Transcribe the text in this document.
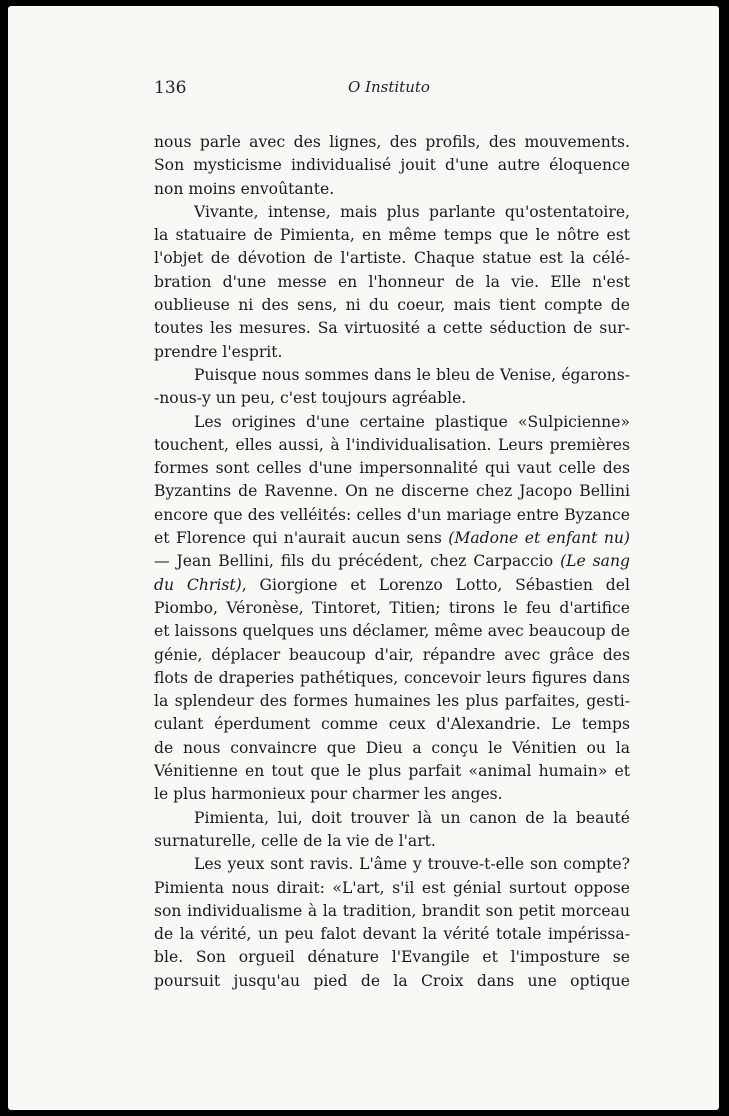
136	O Instituto
nous parle avec des lignes, des profils, des mouvements.
Son mysticisme individualisé jouit d'une autre éloquence
non moins envoûtante.
Vivante, intense, mais plus parlante qu'ostentatoire,
la statuaire de Pimienta, en même temps que le nôtre est
l'objet de dévotion de l'artiste. Chaque statue est la célé-
bration d'une messe en l'honneur de la vie. Elle n'est
oublieuse ni des sens, ni du coeur, mais tient compte de
toutes les mesures. Sa virtuosité a cette séduction de sur-
prendre l'esprit.
Puisque nous sommes dans le bleu de Venise, égarons-
-nous-y un peu, c'est toujours agréable.
Les origines d'une certaine plastique «Sulpicienne»
touchent, elles aussi, à l'individualisation. Leurs premières
formes sont celles d'une impersonnalité qui vaut celle des
Byzantins de Ravenne. On ne discerne chez Jacopo Bellini
encore que des velléités: celles d'un mariage entre Byzance
et Florence qui n'aurait aucun sens (Madone et enfant nu)
— Jean Bellini, fils du précédent, chez Carpaccio (Le sang
du Christ), Giorgione et Lorenzo Lotto, Sébastien del
Piombo, Véronèse, Tintoret, Titien; tirons le feu d'artifice
et laissons quelques uns déclamer, même avec beaucoup de
génie, déplacer beaucoup d'air, répandre avec grâce des
flots de draperies pathétiques, concevoir leurs figures dans
la splendeur des formes humaines les plus parfaites, gesti-
culant éperdument comme ceux d'Alexandrie. Le temps
de nous convaincre que Dieu a conçu le Vénitien ou la
Vénitienne en tout que le plus parfait «animal humain» et
le plus harmonieux pour charmer les anges.
Pimienta, lui, doit trouver là un canon de la beauté
surnaturelle, celle de la vie de l'art.
Les yeux sont ravis. L'âme y trouve-t-elle son compte?
Pimienta nous dirait: «L'art, s'il est génial surtout oppose
son individualisme à la tradition, brandit son petit morceau
de la vérité, un peu falot devant la vérité totale impérissa-
ble. Son orgueil dénature l'Evangile et l'imposture se
poursuit jusqu'au pied de la Croix dans une optique
